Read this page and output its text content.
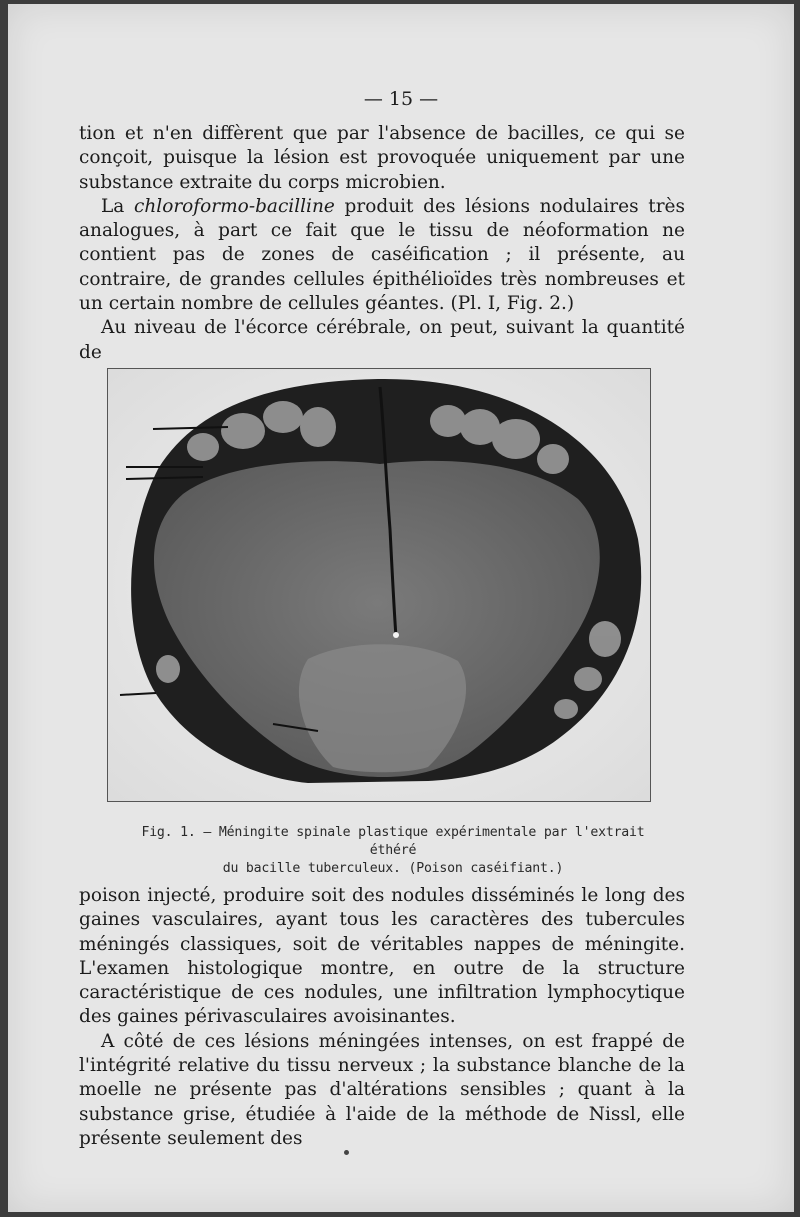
— 15 —

tion et n'en diffèrent que par l'absence de bacilles, ce qui se conçoit, puisque la lésion est provoquée uniquement par une substance extraite du corps microbien.

La chloroformo-bacilline produit des lésions nodulaires très analogues, à part ce fait que le tissu de néoformation ne contient pas de zones de caséification ; il présente, au contraire, de grandes cellules épithélioïdes très nombreuses et un certain nombre de cellules géantes. (Pl. I, Fig. 2.)

Au niveau de l'écorce cérébrale, on peut, suivant la quantité de

Fig. 1. — Méningite spinale plastique expérimentale par l'extrait éthéré
du bacille tuberculeux. (Poison caséifiant.)

poison injecté, produire soit des nodules disséminés le long des gaines vasculaires, ayant tous les caractères des tubercules méningés classiques, soit de véritables nappes de méningite. L'examen histologique montre, en outre de la structure caractéristique de ces nodules, une infiltration lymphocytique des gaines périvasculaires avoisinantes.

A côté de ces lésions méningées intenses, on est frappé de l'intégrité relative du tissu nerveux ; la substance blanche de la moelle ne présente pas d'altérations sensibles ; quant à la substance grise, étudiée à l'aide de la méthode de Nissl, elle présente seulement des
